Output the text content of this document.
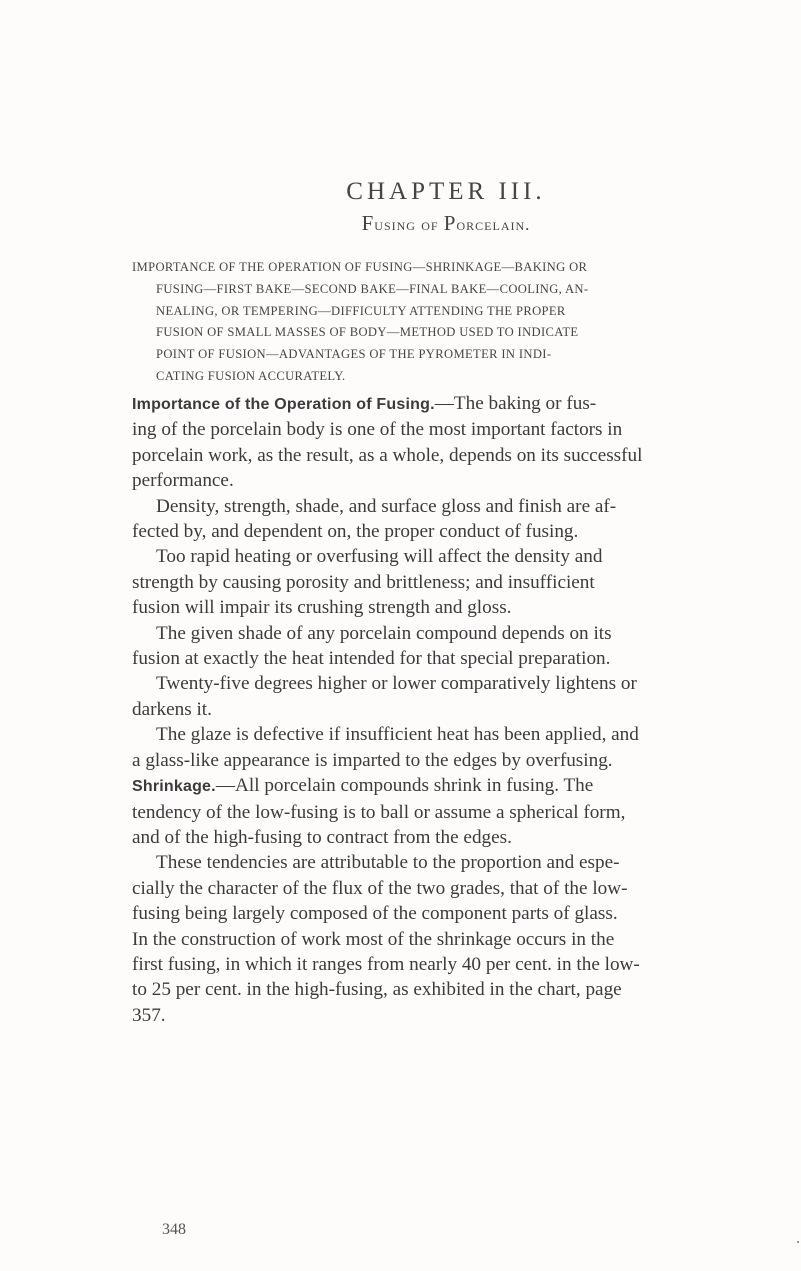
CHAPTER III.
Fusing of Porcelain.
IMPORTANCE OF THE OPERATION OF FUSING—SHRINKAGE—BAKING OR
FUSING—FIRST BAKE—SECOND BAKE—FINAL BAKE—COOLING, AN-
NEALING, OR TEMPERING—DIFFICULTY ATTENDING THE PROPER
FUSION OF SMALL MASSES OF BODY—METHOD USED TO INDICATE
POINT OF FUSION—ADVANTAGES OF THE PYROMETER IN INDI-
CATING FUSION ACCURATELY.
Importance of the Operation of Fusing.—The baking or fus-
ing of the porcelain body is one of the most important factors in
porcelain work, as the result, as a whole, depends on its successful
performance.
Density, strength, shade, and surface gloss and finish are af-
fected by, and dependent on, the proper conduct of fusing.
Too rapid heating or overfusing will affect the density and
strength by causing porosity and brittleness; and insufficient
fusion will impair its crushing strength and gloss.
The given shade of any porcelain compound depends on its
fusion at exactly the heat intended for that special preparation.
Twenty-five degrees higher or lower comparatively lightens or
darkens it.
The glaze is defective if insufficient heat has been applied, and
a glass-like appearance is imparted to the edges by overfusing.
Shrinkage.—All porcelain compounds shrink in fusing. The
tendency of the low-fusing is to ball or assume a spherical form,
and of the high-fusing to contract from the edges.
These tendencies are attributable to the proportion and espe-
cially the character of the flux of the two grades, that of the low-
fusing being largely composed of the component parts of glass.
In the construction of work most of the shrinkage occurs in the
first fusing, in which it ranges from nearly 40 per cent. in the low-
to 25 per cent. in the high-fusing, as exhibited in the chart, page
357.
348
